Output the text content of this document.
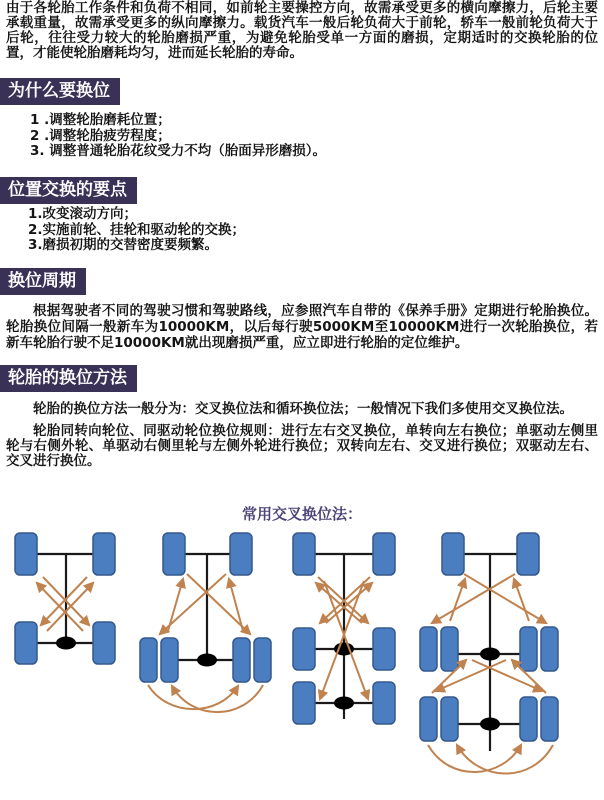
由于各轮胎工作条件和负荷不相同，如前轮主要操控方向，故需承受更多的横向摩擦力，后轮主要承载重量，故需承受更多的纵向摩擦力。载货汽车一般后轮负荷大于前轮，轿车一般前轮负荷大于后轮，往往受力较大的轮胎磨损严重，为避免轮胎受单一方面的磨损，定期适时的交换轮胎的位置，才能使轮胎磨耗均匀，进而延长轮胎的寿命。

为什么要换位
1 .调整轮胎磨耗位置；
2 .调整轮胎疲劳程度；
3. 调整普通轮胎花纹受力不均（胎面异形磨损）。
位置交换的要点
1.改变滚动方向；
2.实施前轮、挂轮和驱动轮的交换；
3.磨损初期的交替密度要频繁。
换位周期

根据驾驶者不同的驾驶习惯和驾驶路线，应参照汽车自带的《保养手册》定期进行轮胎换位。轮胎换位间隔一般新车为10000KM，以后每行驶5000KM至10000KM进行一次轮胎换位，若新车轮胎行驶不足10000KM就出现磨损严重，应立即进行轮胎的定位维护。

轮胎的换位方法

轮胎的换位方法一般分为：交叉换位法和循环换位法；一般情况下我们多使用交叉换位法。

轮胎同转向轮位、同驱动轮位换位规则：进行左右交叉换位，单转向左右换位；单驱动左侧里轮与右侧外轮、单驱动右侧里轮与左侧外轮进行换位；双转向左右、交叉进行换位；双驱动左右、交叉进行换位。

常用交叉换位法：
